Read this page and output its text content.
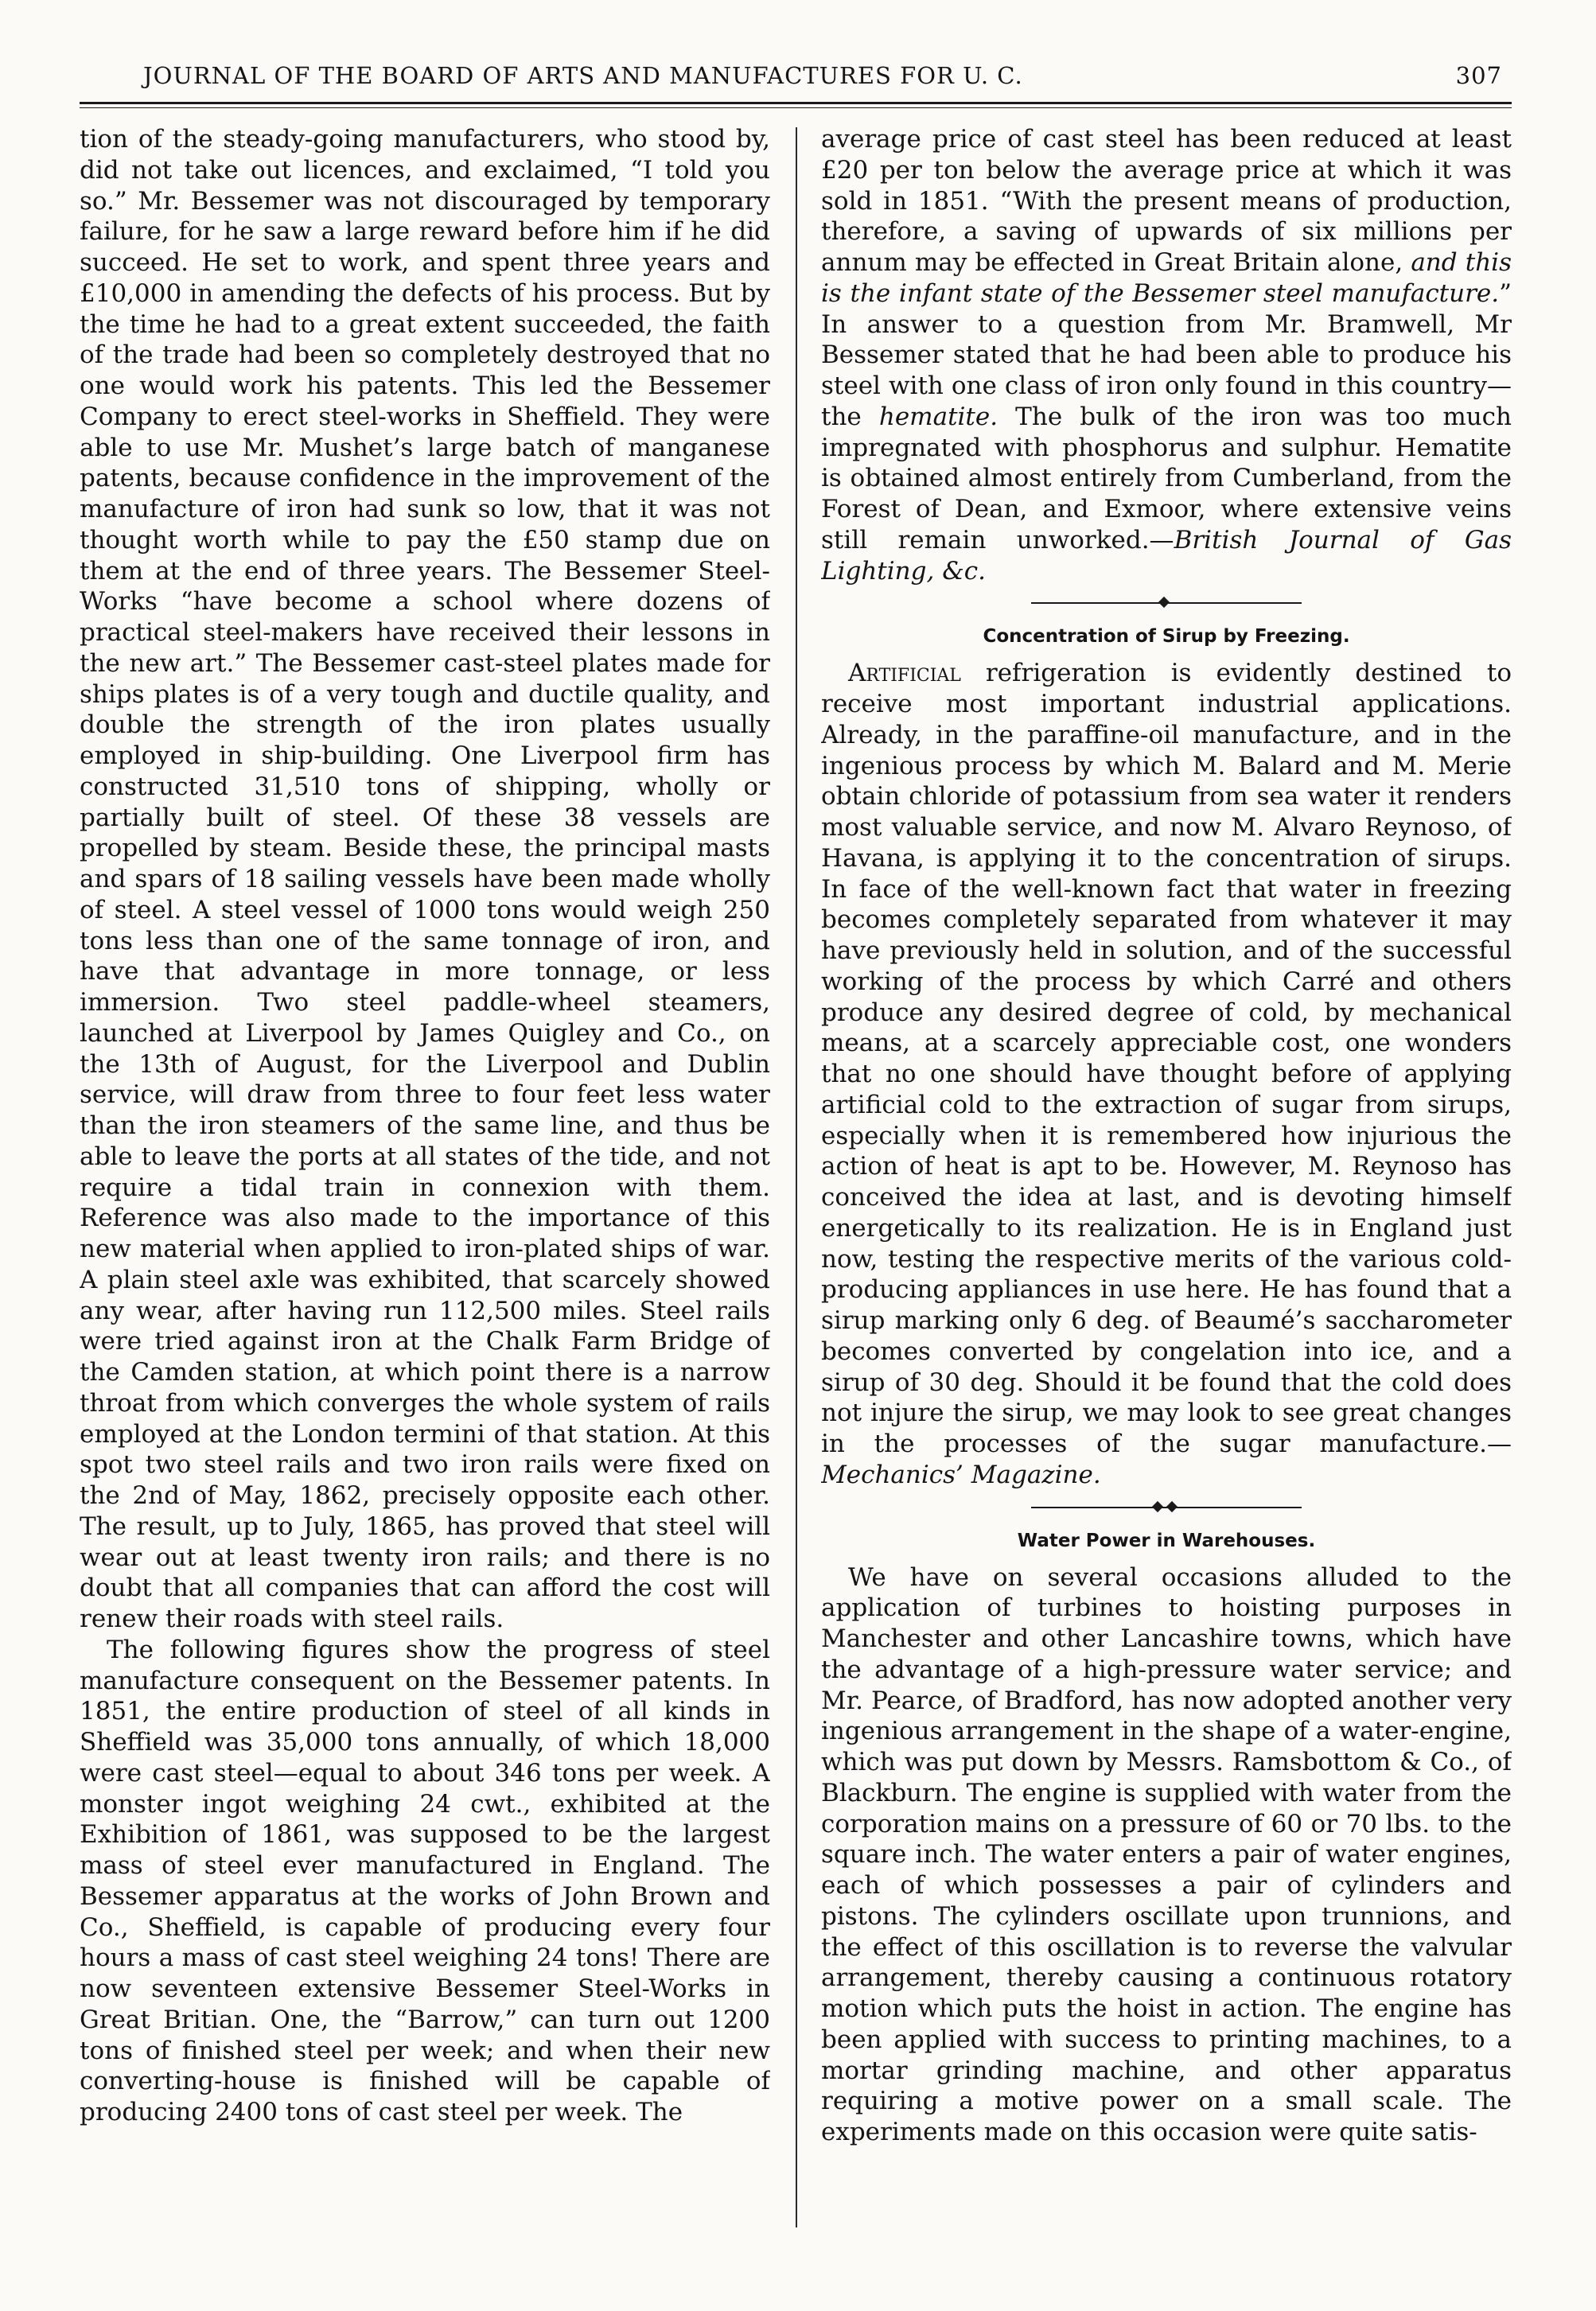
JOURNAL OF THE BOARD OF ARTS AND MANUFACTURES FOR U. C.	307

tion of the steady-going manufacturers, who stood by, did not take out licences, and exclaimed, “I told you so.” Mr. Bessemer was not discouraged by temporary failure, for he saw a large reward before him if he did succeed. He set to work, and spent three years and £10,000 in amending the defects of his process. But by the time he had to a great extent succeeded, the faith of the trade had been so completely destroyed that no one would work his patents. This led the Bessemer Company to erect steel-works in Sheffield. They were able to use Mr. Mushet’s large batch of manganese patents, because confidence in the improvement of the manufacture of iron had sunk so low, that it was not thought worth while to pay the £50 stamp due on them at the end of three years. The Bessemer Steel-Works “have become a school where dozens of practical steel-makers have received their lessons in the new art.” The Bessemer cast-steel plates made for ships plates is of a very tough and ductile quality, and double the strength of the iron plates usually employed in ship-building. One Liverpool firm has constructed 31,510 tons of shipping, wholly or partially built of steel. Of these 38 vessels are propelled by steam. Beside these, the principal masts and spars of 18 sailing vessels have been made wholly of steel. A steel vessel of 1000 tons would weigh 250 tons less than one of the same tonnage of iron, and have that advantage in more tonnage, or less immersion. Two steel paddle-wheel steamers, launched at Liverpool by James Quigley and Co., on the 13th of August, for the Liverpool and Dublin service, will draw from three to four feet less water than the iron steamers of the same line, and thus be able to leave the ports at all states of the tide, and not require a tidal train in connexion with them. Reference was also made to the importance of this new material when applied to iron-plated ships of war. A plain steel axle was exhibited, that scarcely showed any wear, after having run 112,500 miles. Steel rails were tried against iron at the Chalk Farm Bridge of the Camden station, at which point there is a narrow throat from which converges the whole system of rails employed at the London termini of that station. At this spot two steel rails and two iron rails were fixed on the 2nd of May, 1862, precisely opposite each other. The result, up to July, 1865, has proved that steel will wear out at least twenty iron rails; and there is no doubt that all companies that can afford the cost will renew their roads with steel rails.

The following figures show the progress of steel manufacture consequent on the Bessemer patents. In 1851, the entire production of steel of all kinds in Sheffield was 35,000 tons annually, of which 18,000 were cast steel—equal to about 346 tons per week. A monster ingot weighing 24 cwt., exhibited at the Exhibition of 1861, was supposed to be the largest mass of steel ever manufactured in England. The Bessemer apparatus at the works of John Brown and Co., Sheffield, is capable of producing every four hours a mass of cast steel weighing 24 tons! There are now seventeen extensive Bessemer Steel-Works in Great Britian. One, the “Barrow,” can turn out 1200 tons of finished steel per week; and when their new converting-house is finished will be capable of producing 2400 tons of cast steel per week. The

average price of cast steel has been reduced at least £20 per ton below the average price at which it was sold in 1851. “With the present means of production, therefore, a saving of upwards of six millions per annum may be effected in Great Britain alone, and this is the infant state of the Bessemer steel manufacture.” In answer to a question from Mr. Bramwell, Mr Bessemer stated that he had been able to produce his steel with one class of iron only found in this country—the hematite. The bulk of the iron was too much impregnated with phosphorus and sulphur. Hematite is obtained almost entirely from Cumberland, from the Forest of Dean, and Exmoor, where extensive veins still remain unworked.—British Journal of Gas Lighting, &c.

Concentration of Sirup by Freezing.

Artificial refrigeration is evidently destined to receive most important industrial applications. Already, in the paraffine-oil manufacture, and in the ingenious process by which M. Balard and M. Merie obtain chloride of potassium from sea water it renders most valuable service, and now M. Alvaro Reynoso, of Havana, is applying it to the concentration of sirups. In face of the well-known fact that water in freezing becomes completely separated from whatever it may have previously held in solution, and of the successful working of the process by which Carré and others produce any desired degree of cold, by mechanical means, at a scarcely appreciable cost, one wonders that no one should have thought before of applying artificial cold to the extraction of sugar from sirups, especially when it is remembered how injurious the action of heat is apt to be. However, M. Reynoso has conceived the idea at last, and is devoting himself energetically to its realization. He is in England just now, testing the respective merits of the various cold-producing appliances in use here. He has found that a sirup marking only 6 deg. of Beaumé’s saccharometer becomes converted by congelation into ice, and a sirup of 30 deg. Should it be found that the cold does not injure the sirup, we may look to see great changes in the processes of the sugar manufacture.—Mechanics’ Magazine.

Water Power in Warehouses.

We have on several occasions alluded to the application of turbines to hoisting purposes in Manchester and other Lancashire towns, which have the advantage of a high-pressure water service; and Mr. Pearce, of Bradford, has now adopted another very ingenious arrangement in the shape of a water-engine, which was put down by Messrs. Ramsbottom & Co., of Blackburn. The engine is supplied with water from the corporation mains on a pressure of 60 or 70 lbs. to the square inch. The water enters a pair of water engines, each of which possesses a pair of cylinders and pistons. The cylinders oscillate upon trunnions, and the effect of this oscillation is to reverse the valvular arrangement, thereby causing a continuous rotatory motion which puts the hoist in action. The engine has been applied with success to printing machines, to a mortar grinding machine, and other apparatus requiring a motive power on a small scale. The experiments made on this occasion were quite satis-
